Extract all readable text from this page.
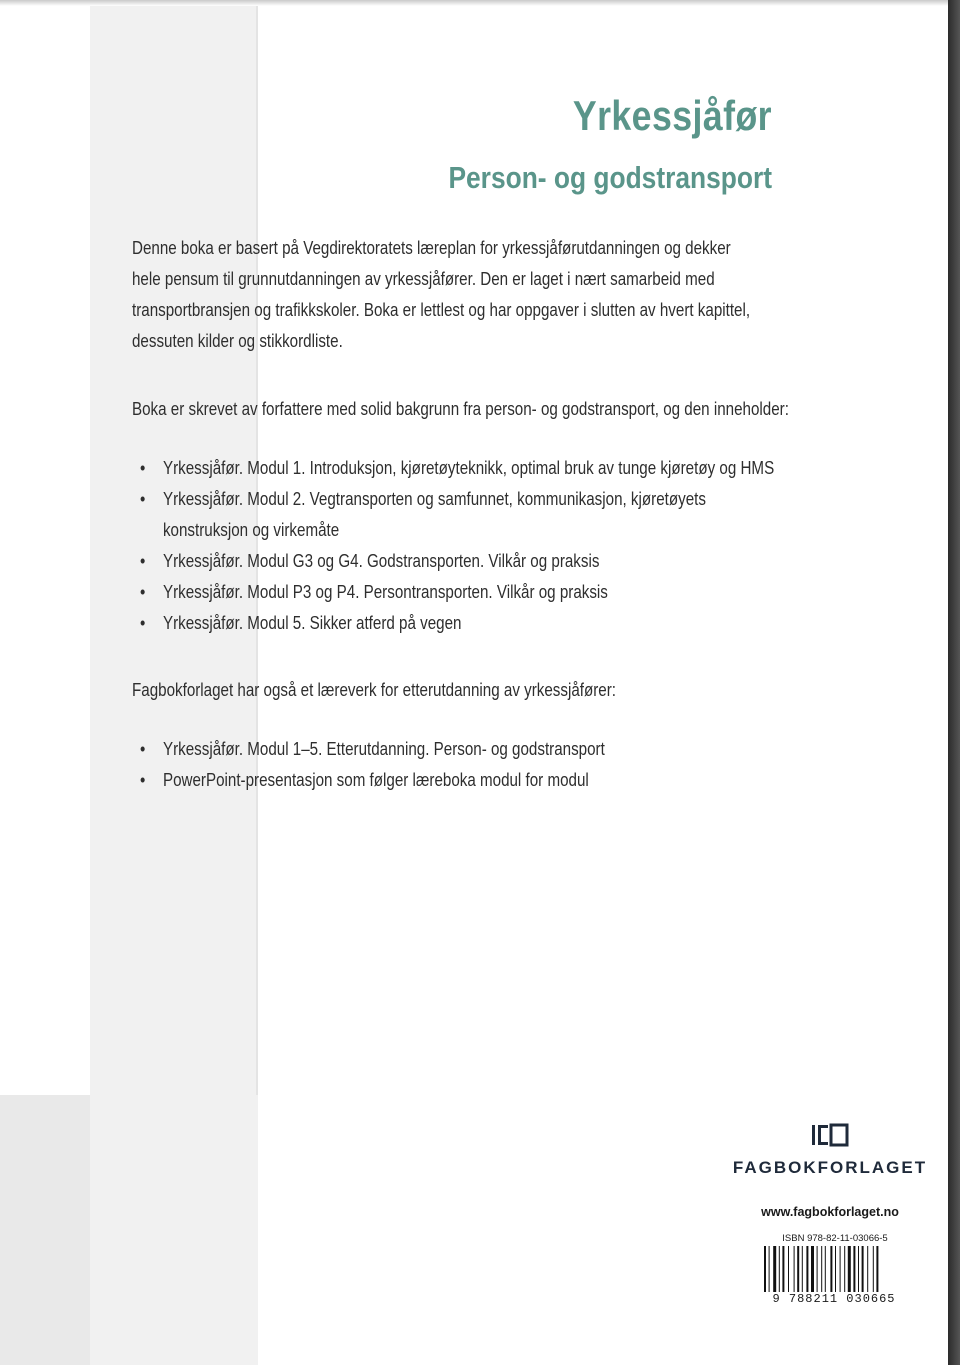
Yrkessjåfør
Person- og godstransport

Denne boka er basert på Vegdirektoratets læreplan for yrkessjåførutdanningen og dekker
hele pensum til grunnutdanningen av yrkessjåfører. Den er laget i nært samarbeid med
transportbransjen og trafikkskoler. Boka er lettlest og har oppgaver i slutten av hvert kapittel,
dessuten kilder og stikkordliste.

Boka er skrevet av forfattere med solid bakgrunn fra person- og godstransport, og den inneholder:

• Yrkessjåfør. Modul 1. Introduksjon, kjøretøyteknikk, optimal bruk av tunge kjøretøy og HMS
• Yrkessjåfør. Modul 2. Vegtransporten og samfunnet, kommunikasjon, kjøretøyets
konstruksjon og virkemåte
• Yrkessjåfør. Modul G3 og G4. Godstransporten. Vilkår og praksis
• Yrkessjåfør. Modul P3 og P4. Persontransporten. Vilkår og praksis
• Yrkessjåfør. Modul 5. Sikker atferd på vegen

Fagbokforlaget har også et læreverk for etterutdanning av yrkessjåfører:

• Yrkessjåfør. Modul 1–5. Etterutdanning. Person- og godstransport
• PowerPoint-presentasjon som følger læreboka modul for modul

FAGBOKFORLAGET

www.fagbokforlaget.no

ISBN 978-82-11-03066-5

9 788211 030665
